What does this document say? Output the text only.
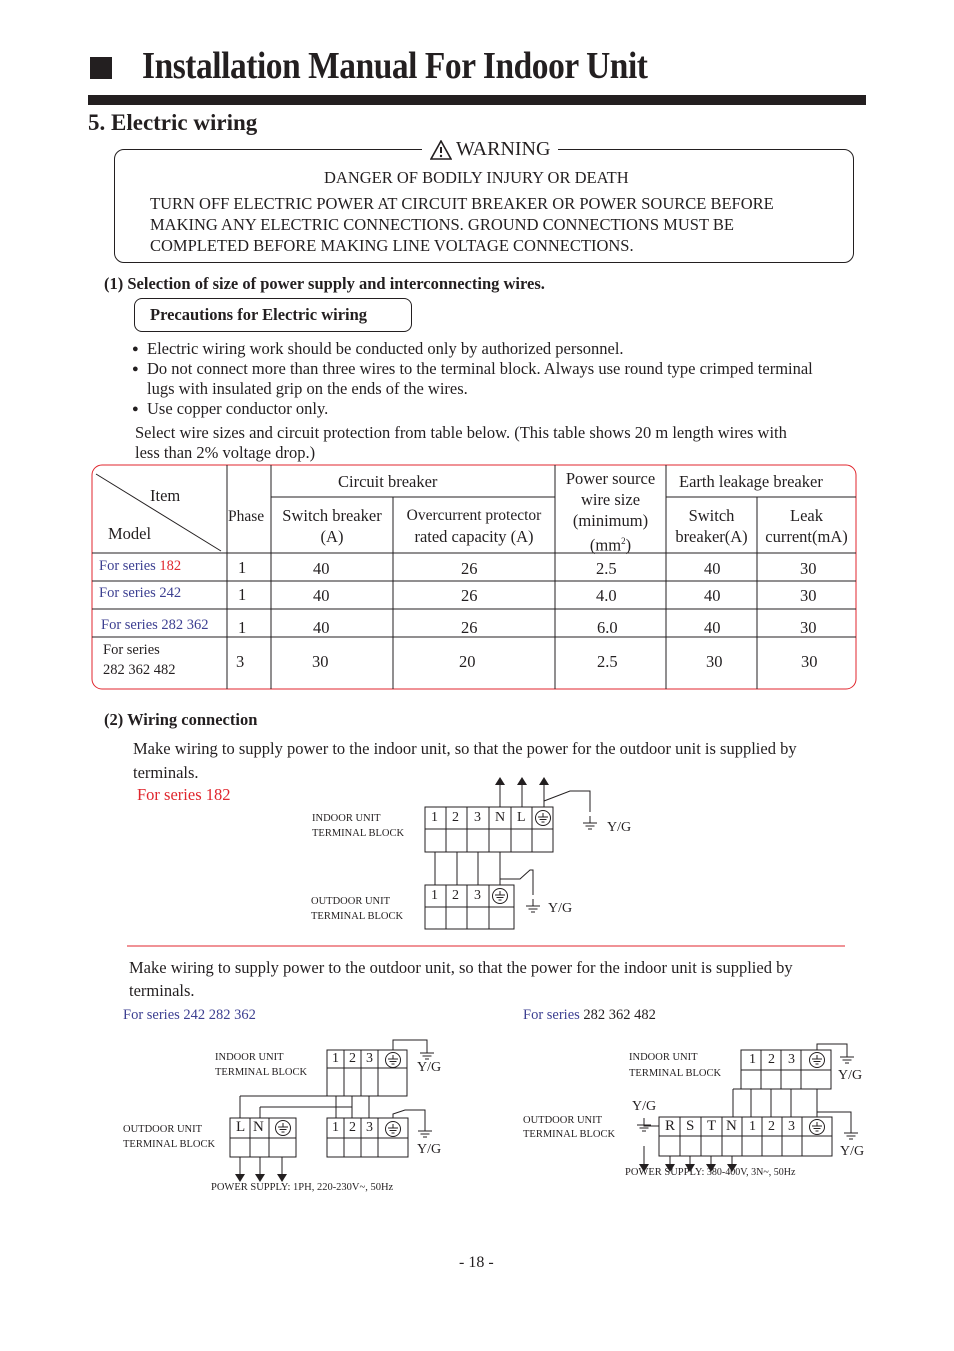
Installation Manual For Indoor Unit
5. Electric wiring
WARNING
DANGER OF BODILY INJURY OR DEATH
TURN OFF ELECTRIC POWER AT CIRCUIT BREAKER OR POWER SOURCE BEFORE
MAKING ANY ELECTRIC CONNECTIONS. GROUND CONNECTIONS MUST BE
COMPLETED BEFORE MAKING LINE VOLTAGE CONNECTIONS.
(1) Selection of size of power supply and interconnecting wires.
Precautions for Electric wiring
● Electric wiring work should be conducted only by authorized personnel.
● Do not connect more than three wires to the terminal block. Always use round type crimped terminal
lugs with insulated grip on the ends of the wires.
● Use copper conductor only.
Select wire sizes and circuit protection from table below. (This table shows 20 m length wires with
less than 2% voltage drop.)
Item
Model
Phase
Circuit breaker
Switch breaker
(A)
Overcurrent protector
rated capacity (A)
Power source
wire size
(minimum)
$(mm^2)$
Earth leakage breaker
Switch
breaker(A)
Leak
current(mA)
For series 182
For series 242
For series 282 362
For series
282 362 482
1
1
1
3
40
40
40
30
26
26
26
20
2.5
4.0
6.0
2.5
40
40
40
30
30
30
30
30
(2) Wiring connection
Make wiring to supply power to the indoor unit, so that the power for the outdoor unit is supplied by
terminals.
For series 182
INDOOR UNIT
TERMINAL BLOCK
OUTDOOR UNIT
TERMINAL BLOCK
1 2 3 N L
1 2 3
Y/G
Y/G
Make wiring to supply power to the outdoor unit, so that the power for the indoor unit is supplied by
terminals.
For series 242 282 362	For series 282 362 482
INDOOR UNIT
TERMINAL BLOCK
OUTDOOR UNIT
TERMINAL BLOCK
1 2 3
1 2 3
L N
Y/G
Y/G
POWER SUPPLY: 1PH, 220-230V~, 50Hz
INDOOR UNIT
TERMINAL BLOCK
OUTDOOR UNIT
TERMINAL BLOCK
1 2 3
R S T N 1 2 3
Y/G
Y/G
Y/G
POWER SUPPLY: 380-400V, 3N~, 50Hz
- 18 -
